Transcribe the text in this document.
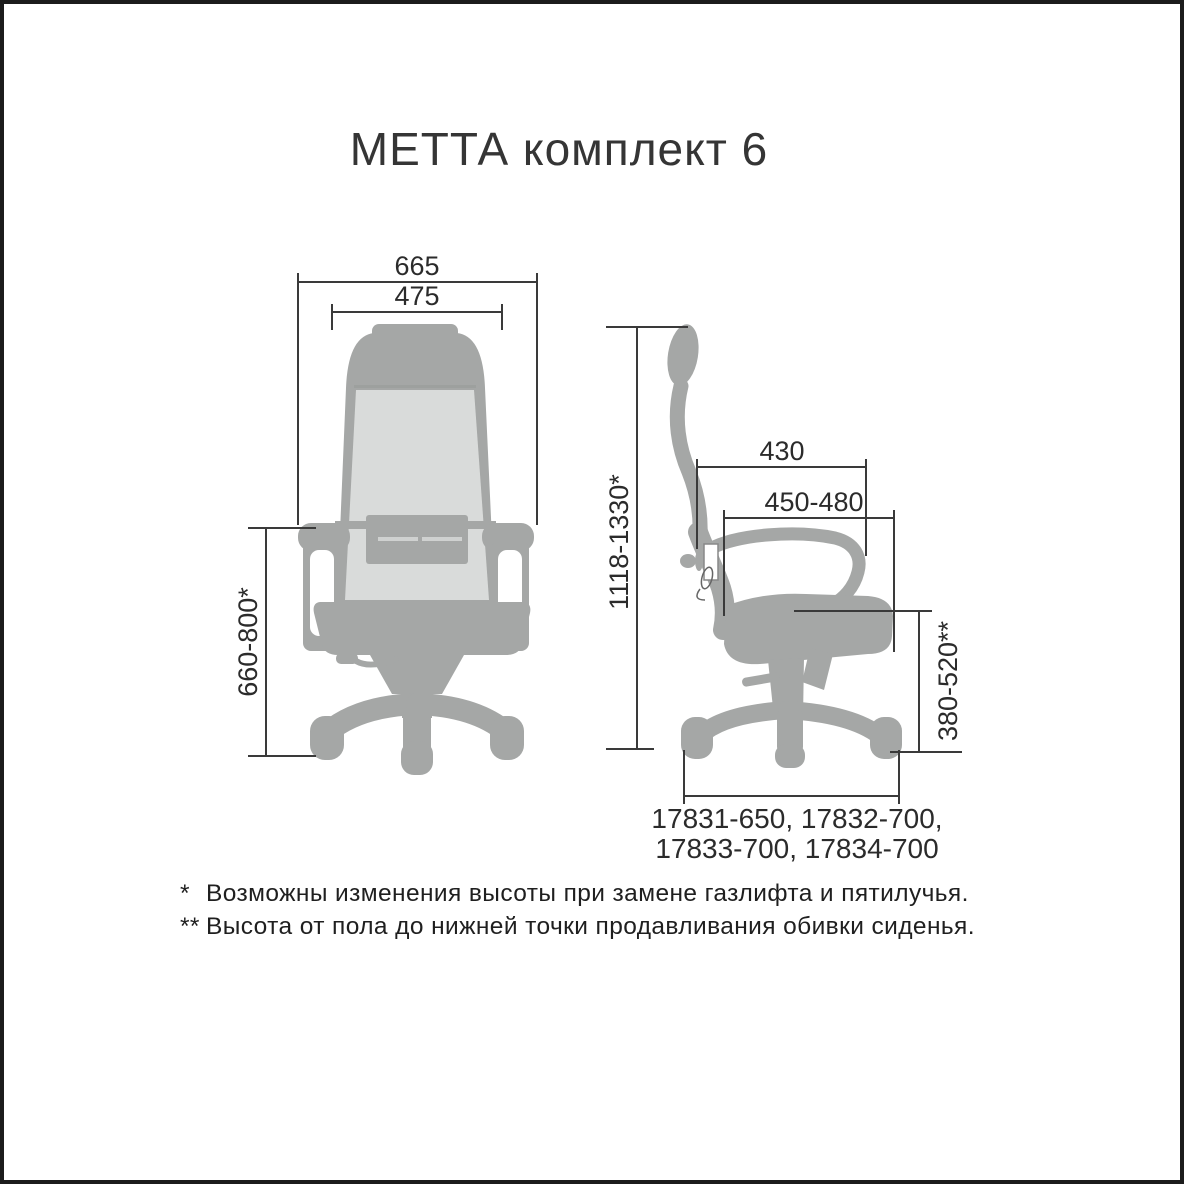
МЕТТА комплект 6
665
475
660-800*
1118-1330*
430
450-480
380-520**
17831-650, 17832-700,
17833-700, 17834-700
* Возможны изменения высоты при замене газлифта и пятилучья.
** Высота от пола до нижней точки продавливания обивки сиденья.
